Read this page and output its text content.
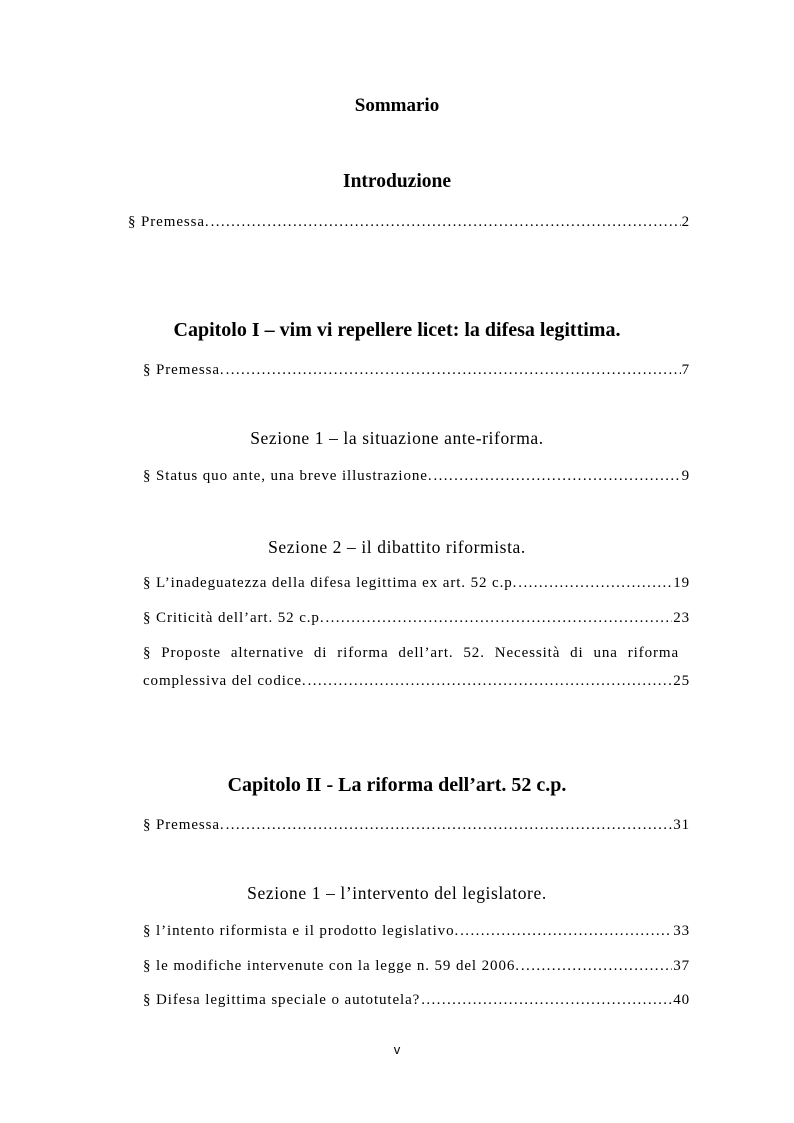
Sommario
Introduzione
§ Premessa. .....	2
Capitolo I – vim vi repellere licet: la difesa legittima.
§ Premessa. .....	7
Sezione 1 – la situazione ante-riforma.
§ Status quo ante, una breve illustrazione. .....	9
Sezione 2 – il dibattito riformista.
§ L’inadeguatezza della difesa legittima ex art. 52 c.p. .....	19
§ Criticità dell’art. 52 c.p. .....	23
§ Proposte alternative di riforma dell’art. 52. Necessità di una riforma
complessiva del codice. .....	25
Capitolo II - La riforma dell’art. 52 c.p.
§ Premessa. .....	31
Sezione 1 – l’intervento del legislatore.
§ l’intento riformista e il prodotto legislativo. .....	33
§ le modifiche intervenute con la legge n. 59 del 2006. .....	37
§ Difesa legittima speciale o autotutela? .....	40
v
